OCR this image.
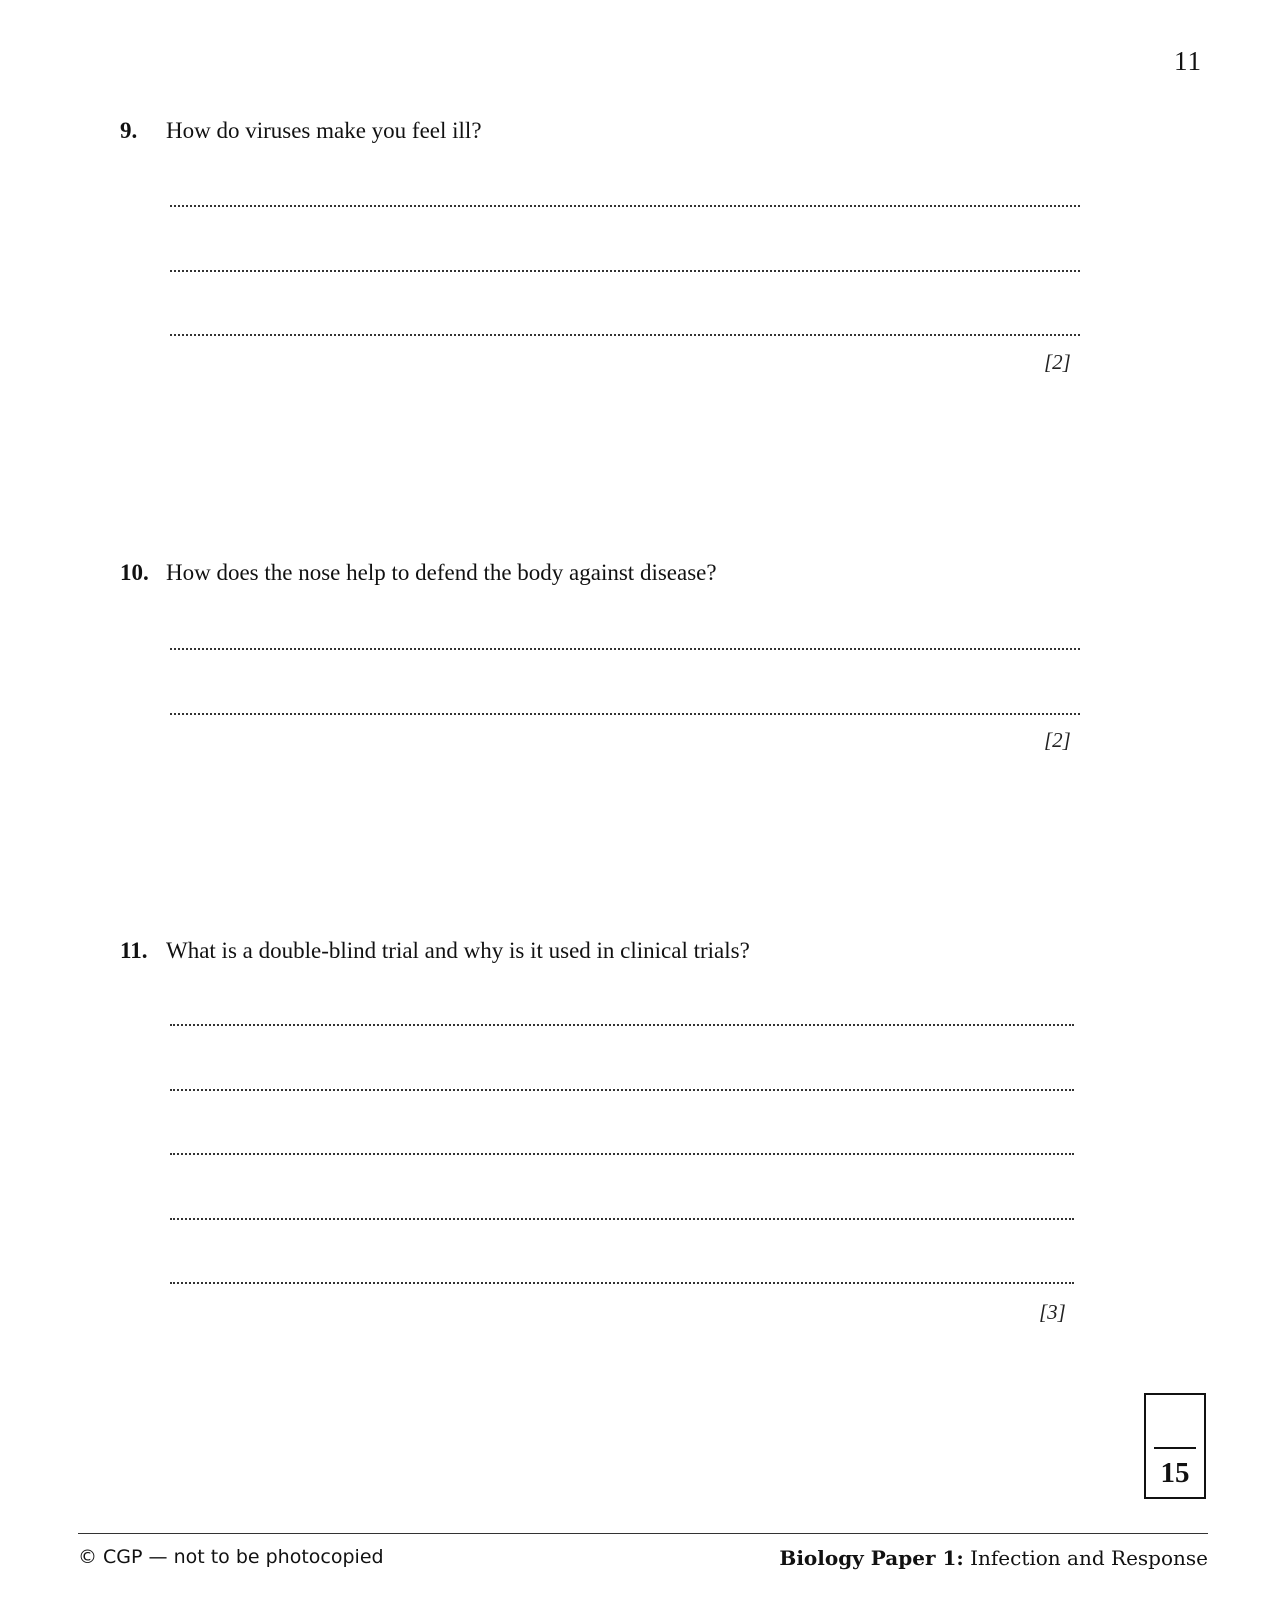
11
9. How do viruses make you feel ill?
[2]
10. How does the nose help to defend the body against disease?
[2]
11. What is a double-blind trial and why is it used in clinical trials?
[3]
15
© CGP — not to be photocopied	Biology Paper 1: Infection and Response
